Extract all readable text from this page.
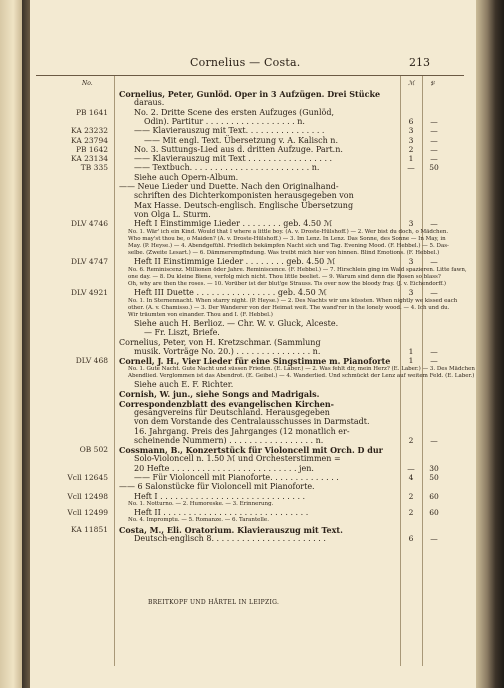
Cornelius — Costa.	213
No.	ℳ	𝔓
Cornelius, Peter, Gunlöd. Oper in 3 Aufzügen. Drei Stücke
daraus.
PB 1641	No. 2. Dritte Scene des ersten Aufzuges (Gunlöd,
Odin). Partitur . . . . . . . . . . . . . . . . . . n.	6	—
KA 23232	—— Klavierauszug mit Text. . . . . . . . . . . . . . . .	3	—
KA 23794	—— Mit engl. Text. Übersetzung v. A. Kalisch n.	3	—
PB 1642	No. 3. Suttungs-Lied aus d. dritten Aufzuge. Part.n.	2	—
KA 23134	—— Klavierauszug mit Text . . . . . . . . . . . . . . . . .	1	—
TB 335	—— Textbuch. . . . . . . . . . . . . . . . . . . . . . . . n.	—	50
Siehe auch Opern-Album.
—— Neue Lieder und Duette. Nach den Originalhand-
schriften des Dichterkomponisten herausgegeben von
Max Hasse. Deutsch-englisch. Englische Übersetzung
von Olga L. Sturm.
DLV 4746	Heft I Einstimmige Lieder . . . . . . . . geb. 4.50 ℳ	3	—
No. 1. Wär' ich ein Kind. Would that I where a little boy. (A. v. Droste-Hülshoff.) — 2. Wer bist du doch, o Mädchen.
Who may'st thou be, o Maiden? (A. v. Droste-Hülshoff.) — 3. Im Lenz. In Lenz. Das Sonne, des Sonne — In May, in
May. (P. Heyse.) — 4. Abendgefühl. Friedlich bekämpfen Nacht sich und Tag. Evening Mood. (F. Hebbel.) — 5. Das-
selbe. (Zweite Lesart.) — 6. Dämmerempfindung. Was treibt mich hier von hinnen. Blind Emotions. (F. Hebbel.)
DLV 4747	Heft II Einstimmige Lieder . . . . . . . . geb. 4.50 ℳ	3	—
No. 6. Reminiscenz. Millionen öder Jahre. Reminiscence. (F. Hebbel.) — 7. Hirschlein ging im Wald spazieren. Litte fawn,
one day. — 8. Du kleine Biene, verfolg mich nicht. Thou little beeliet. — 9. Warum sind denn die Rosen so blass?
Oh, why are then the roses. — 10. Vorüber ist der blut'ge Strauss. Tis over now the bloody fray. (J. v. Eichendorff.)
DLV 4921	Heft III Duette . . . . . . . . . . . . . . . . geb. 4.50 ℳ	3	—
No. 1. In Sternennacht. When starry night. (P. Heyse.) — 2. Des Nachts wir uns küssten. When nightly we kissed each
other. (A. v. Chamisso.) — 3. Der Wanderer von der Heimat weit. The wand'rer in the lonely wood. — 4. Ich und du.
Wir träumten von einander. Thou and I. (F. Hebbel.)
Siehe auch H. Berlioz. — Chr. W. v. Gluck, Alceste.
— Fr. Liszt, Briefe.
Cornelius, Peter, von H. Kretzschmar. (Sammlung
musik. Vorträge No. 20.) . . . . . . . . . . . . . . . n.	1	—
DLV 468 Cornell, J. H., Vier Lieder für eine Singstimme m. Pianoforte	1	—
No. 1. Gute Nacht. Gute Nacht und süssen Frieden. (E. Laber.) — 2. Was fehlt dir, mein Herz? (E. Laber.) — 3. Des Mädchen
Abendlied. Verglommen ist das Abendrot. (E. Geibel.) — 4. Wanderlied. Und schmückt der Lenz auf weitem Feld. (E. Laber.)
Siehe auch E. F. Richter.
Cornish, W. jun., siehe Songs and Madrigals.
Correspondenzblatt des evangelischen Kirchen-
gesangvereins für Deutschland. Herausgegeben
von dem Vorstande des Centralausschusses in Darmstadt.
16. Jahrgang. Preis des Jahrganges (12 monatlich er-
scheinende Nummern) . . . . . . . . . . . . . . . . . n.	2	—
OB 502 Cossmann, B., Konzertstück für Violoncell mit Orch. D dur
Solo-Violoncell n. 1.50 ℳ und Orchesterstimmen =
20 Hefte . . . . . . . . . . . . . . . . . . . . . . . . . jen.	—	30
Vcll 12645	—— Für Violoncell mit Pianoforte. . . . . . . . . . . . . .	4	50
—— 6 Salonstücke für Violoncell mit Pianoforte.
Vcll 12498	Heft I . . . . . . . . . . . . . . . . . . . . . . . . . . . . .	2	60
No. 1. Notturno. — 2. Humoreske. — 3. Erinnerung.
Vcll 12499	Heft II . . . . . . . . . . . . . . . . . . . . . . . . . . . . .	2	60
No. 4. Impromptu. — 5. Romanze. — 6. Tarantelle.
KA 11851 Costa, M., Eli. Oratorium. Klavierauszug mit Text.
Deutsch-englisch 8. . . . . . . . . . . . . . . . . . . . . . .	6	—
BREITKOPF UND HÄRTEL IN LEIPZIG.
